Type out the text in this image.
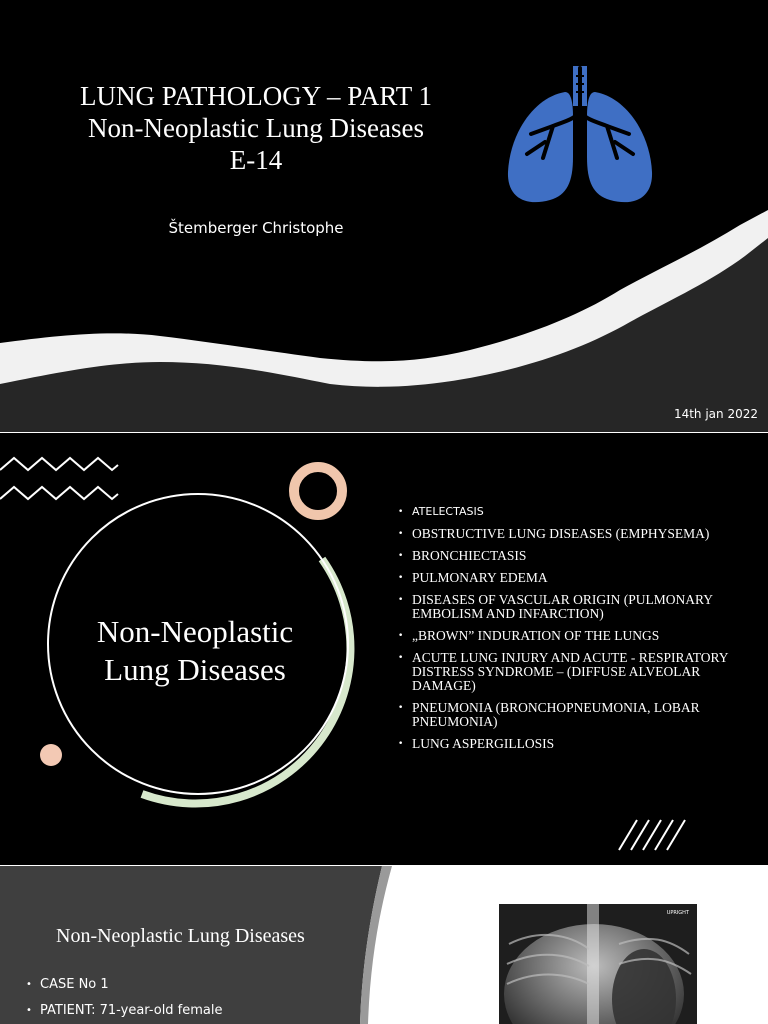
LUNG PATHOLOGY – PART 1
Non-Neoplastic Lung Diseases
E-14
Štemberger Christophe
14th jan 2022
Non-Neoplastic
Lung Diseases
• ATELECTASIS
• OBSTRUCTIVE LUNG DISEASES (EMPHYSEMA)
• BRONCHIECTASIS
• PULMONARY EDEMA
• DISEASES OF VASCULAR ORIGIN (PULMONARY EMBOLISM AND INFARCTION)
• „BROWN” INDURATION OF THE LUNGS
• ACUTE LUNG INJURY AND ACUTE - RESPIRATORY DISTRESS SYNDROME – (DIFFUSE ALVEOLAR DAMAGE)
• PNEUMONIA (BRONCHOPNEUMONIA, LOBAR PNEUMONIA)
• LUNG ASPERGILLOSIS
Non-Neoplastic Lung Diseases
• CASE No 1
• PATIENT: 71-year-old female
UPRIGHT
